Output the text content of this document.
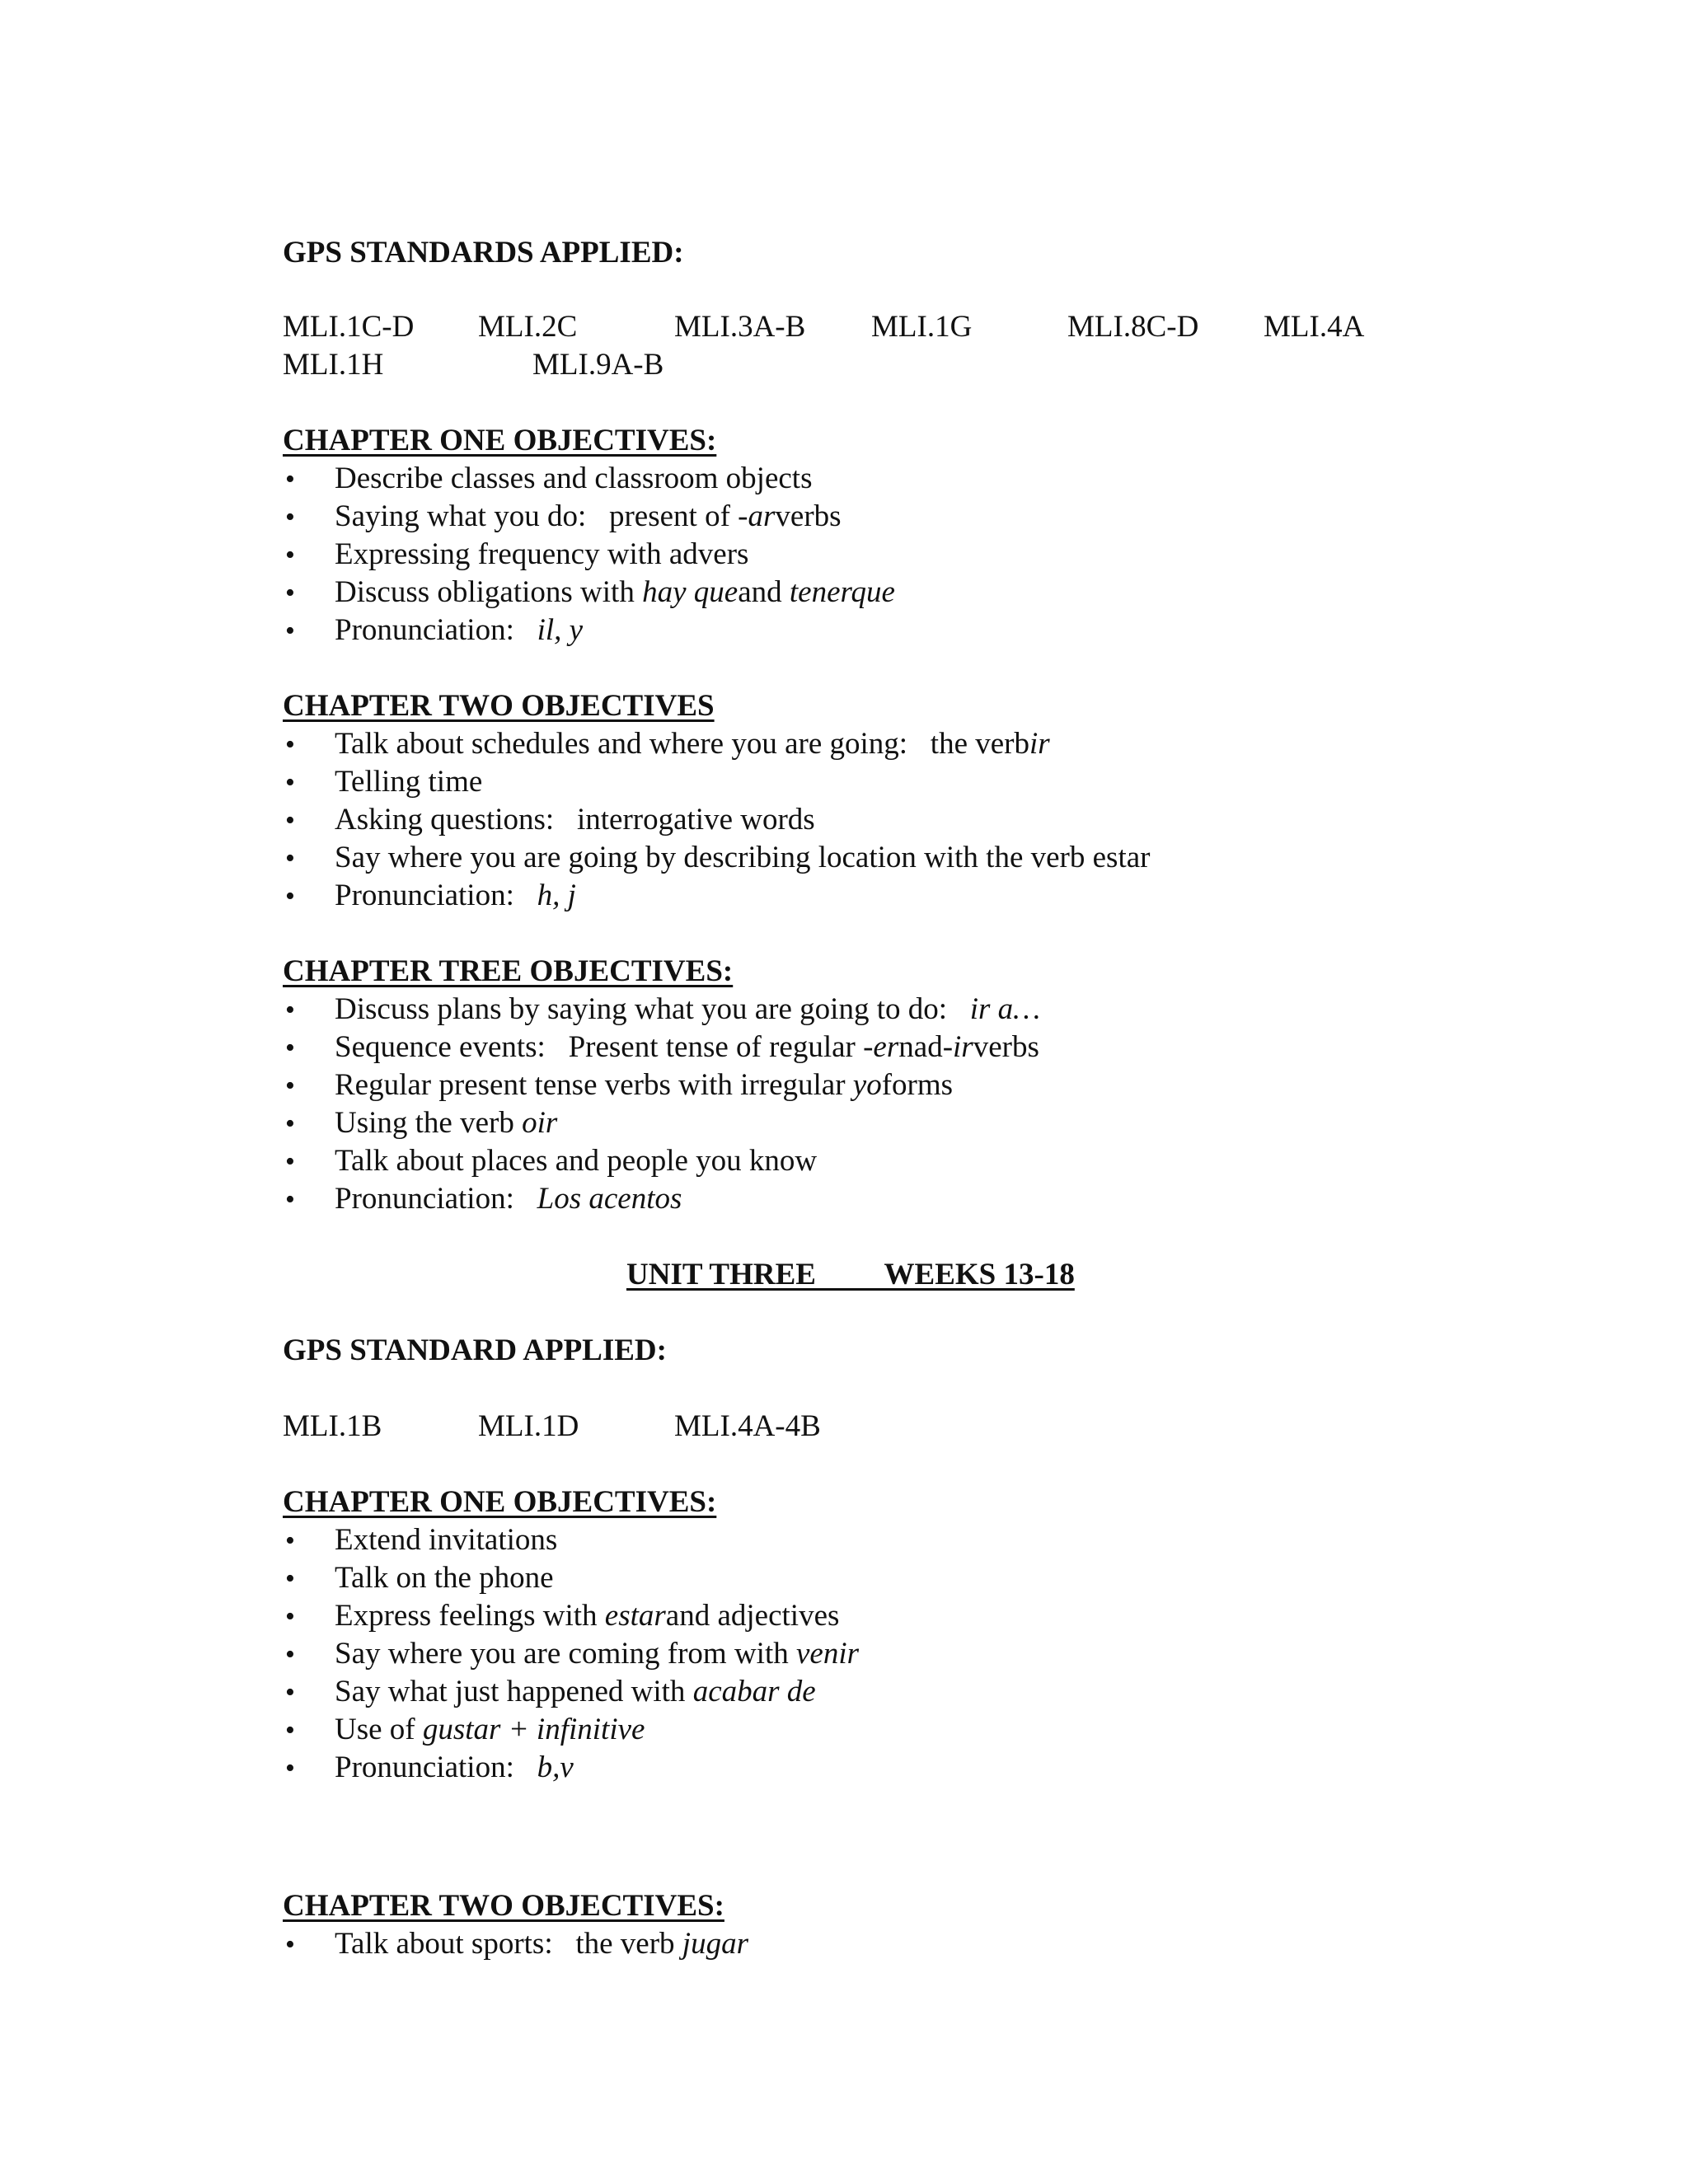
GPS STANDARDS APPLIED:
MLI.1C-D MLI.2C	MLI.3A-B MLI.1G	MLI.8C-D MLI.4A
MLI.1H	MLI.9A-B
CHAPTER ONE OBJECTIVES:
• Describe classes and classroom objects
• Saying what you do:   present of -arverbs
• Expressing frequency with advers
• Discuss obligations with hay queand tenerque
• Pronunciation:   il, y
CHAPTER TWO OBJECTIVES
• Talk about schedules and where you are going:   the verbir
• Telling time
• Asking questions:   interrogative words
• Say where you are going by describing location with the verb estar
• Pronunciation:   h, j
CHAPTER TREE OBJECTIVES:
• Discuss plans by saying what you are going to do:   ir a…
• Sequence events:   Present tense of regular -ernad-irverbs
• Regular present tense verbs with irregular yoforms
• Using the verb oir
• Talk about places and people you know
• Pronunciation:   Los acentos
UNIT THREE         WEEKS 13-18
GPS STANDARD APPLIED:
MLI.1B	MLI.1D	MLI.4A-4B
CHAPTER ONE OBJECTIVES:
• Extend invitations
• Talk on the phone
• Express feelings with estarand adjectives
• Say where you are coming from with venir
• Say what just happened with acabar de
• Use of gustar + infinitive
• Pronunciation:   b,v
CHAPTER TWO OBJECTIVES:
• Talk about sports:   the verb jugar
